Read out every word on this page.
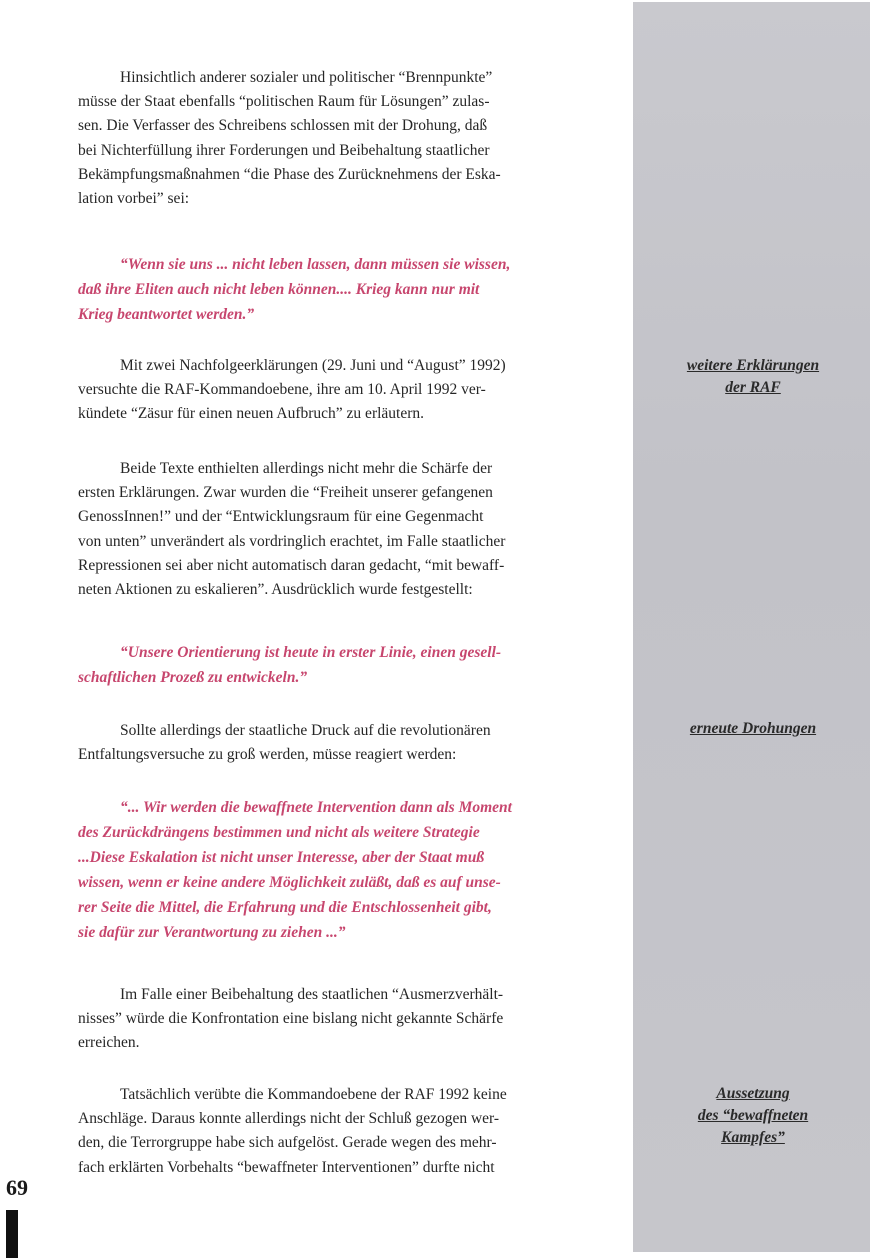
weitere Erklärungen
der RAF
erneute Drohungen
Aussetzung
des “bewaffneten
Kampfes”
Hinsichtlich anderer sozialer und politischer “Brennpunkte”
müsse der Staat ebenfalls “politischen Raum für Lösungen” zulas-
sen. Die Verfasser des Schreibens schlossen mit der Drohung, daß
bei Nichterfüllung ihrer Forderungen und Beibehaltung staatlicher
Bekämpfungsmaßnahmen “die Phase des Zurücknehmens der Eska-
lation vorbei” sei:
“Wenn sie uns ... nicht leben lassen, dann müssen sie wissen,
daß ihre Eliten auch nicht leben können.... Krieg kann nur mit
Krieg beantwortet werden.”
Mit zwei Nachfolgeerklärungen (29. Juni und “August” 1992)
versuchte die RAF-Kommandoebene, ihre am 10. April 1992 ver-
kündete “Zäsur für einen neuen Aufbruch” zu erläutern.
Beide Texte enthielten allerdings nicht mehr die Schärfe der
ersten Erklärungen. Zwar wurden die “Freiheit unserer gefangenen
GenossInnen!” und der “Entwicklungsraum für eine Gegenmacht
von unten” unverändert als vordringlich erachtet, im Falle staatlicher
Repressionen sei aber nicht automatisch daran gedacht, “mit bewaff-
neten Aktionen zu eskalieren”. Ausdrücklich wurde festgestellt:
“Unsere Orientierung ist heute in erster Linie, einen gesell-
schaftlichen Prozeß zu entwickeln.”
Sollte allerdings der staatliche Druck auf die revolutionären
Entfaltungsversuche zu groß werden, müsse reagiert werden:
“... Wir werden die bewaffnete Intervention dann als Moment
des Zurückdrängens bestimmen und nicht als weitere Strategie
...Diese Eskalation ist nicht unser Interesse, aber der Staat muß
wissen, wenn er keine andere Möglichkeit zuläßt, daß es auf unse-
rer Seite die Mittel, die Erfahrung und die Entschlossenheit gibt,
sie dafür zur Verantwortung zu ziehen ...”
Im Falle einer Beibehaltung des staatlichen “Ausmerzverhält-
nisses” würde die Konfrontation eine bislang nicht gekannte Schärfe
erreichen.
Tatsächlich verübte die Kommandoebene der RAF 1992 keine
Anschläge. Daraus konnte allerdings nicht der Schluß gezogen wer-
den, die Terrorgruppe habe sich aufgelöst. Gerade wegen des mehr-
fach erklärten Vorbehalts “bewaffneter Interventionen” durfte nicht
69
